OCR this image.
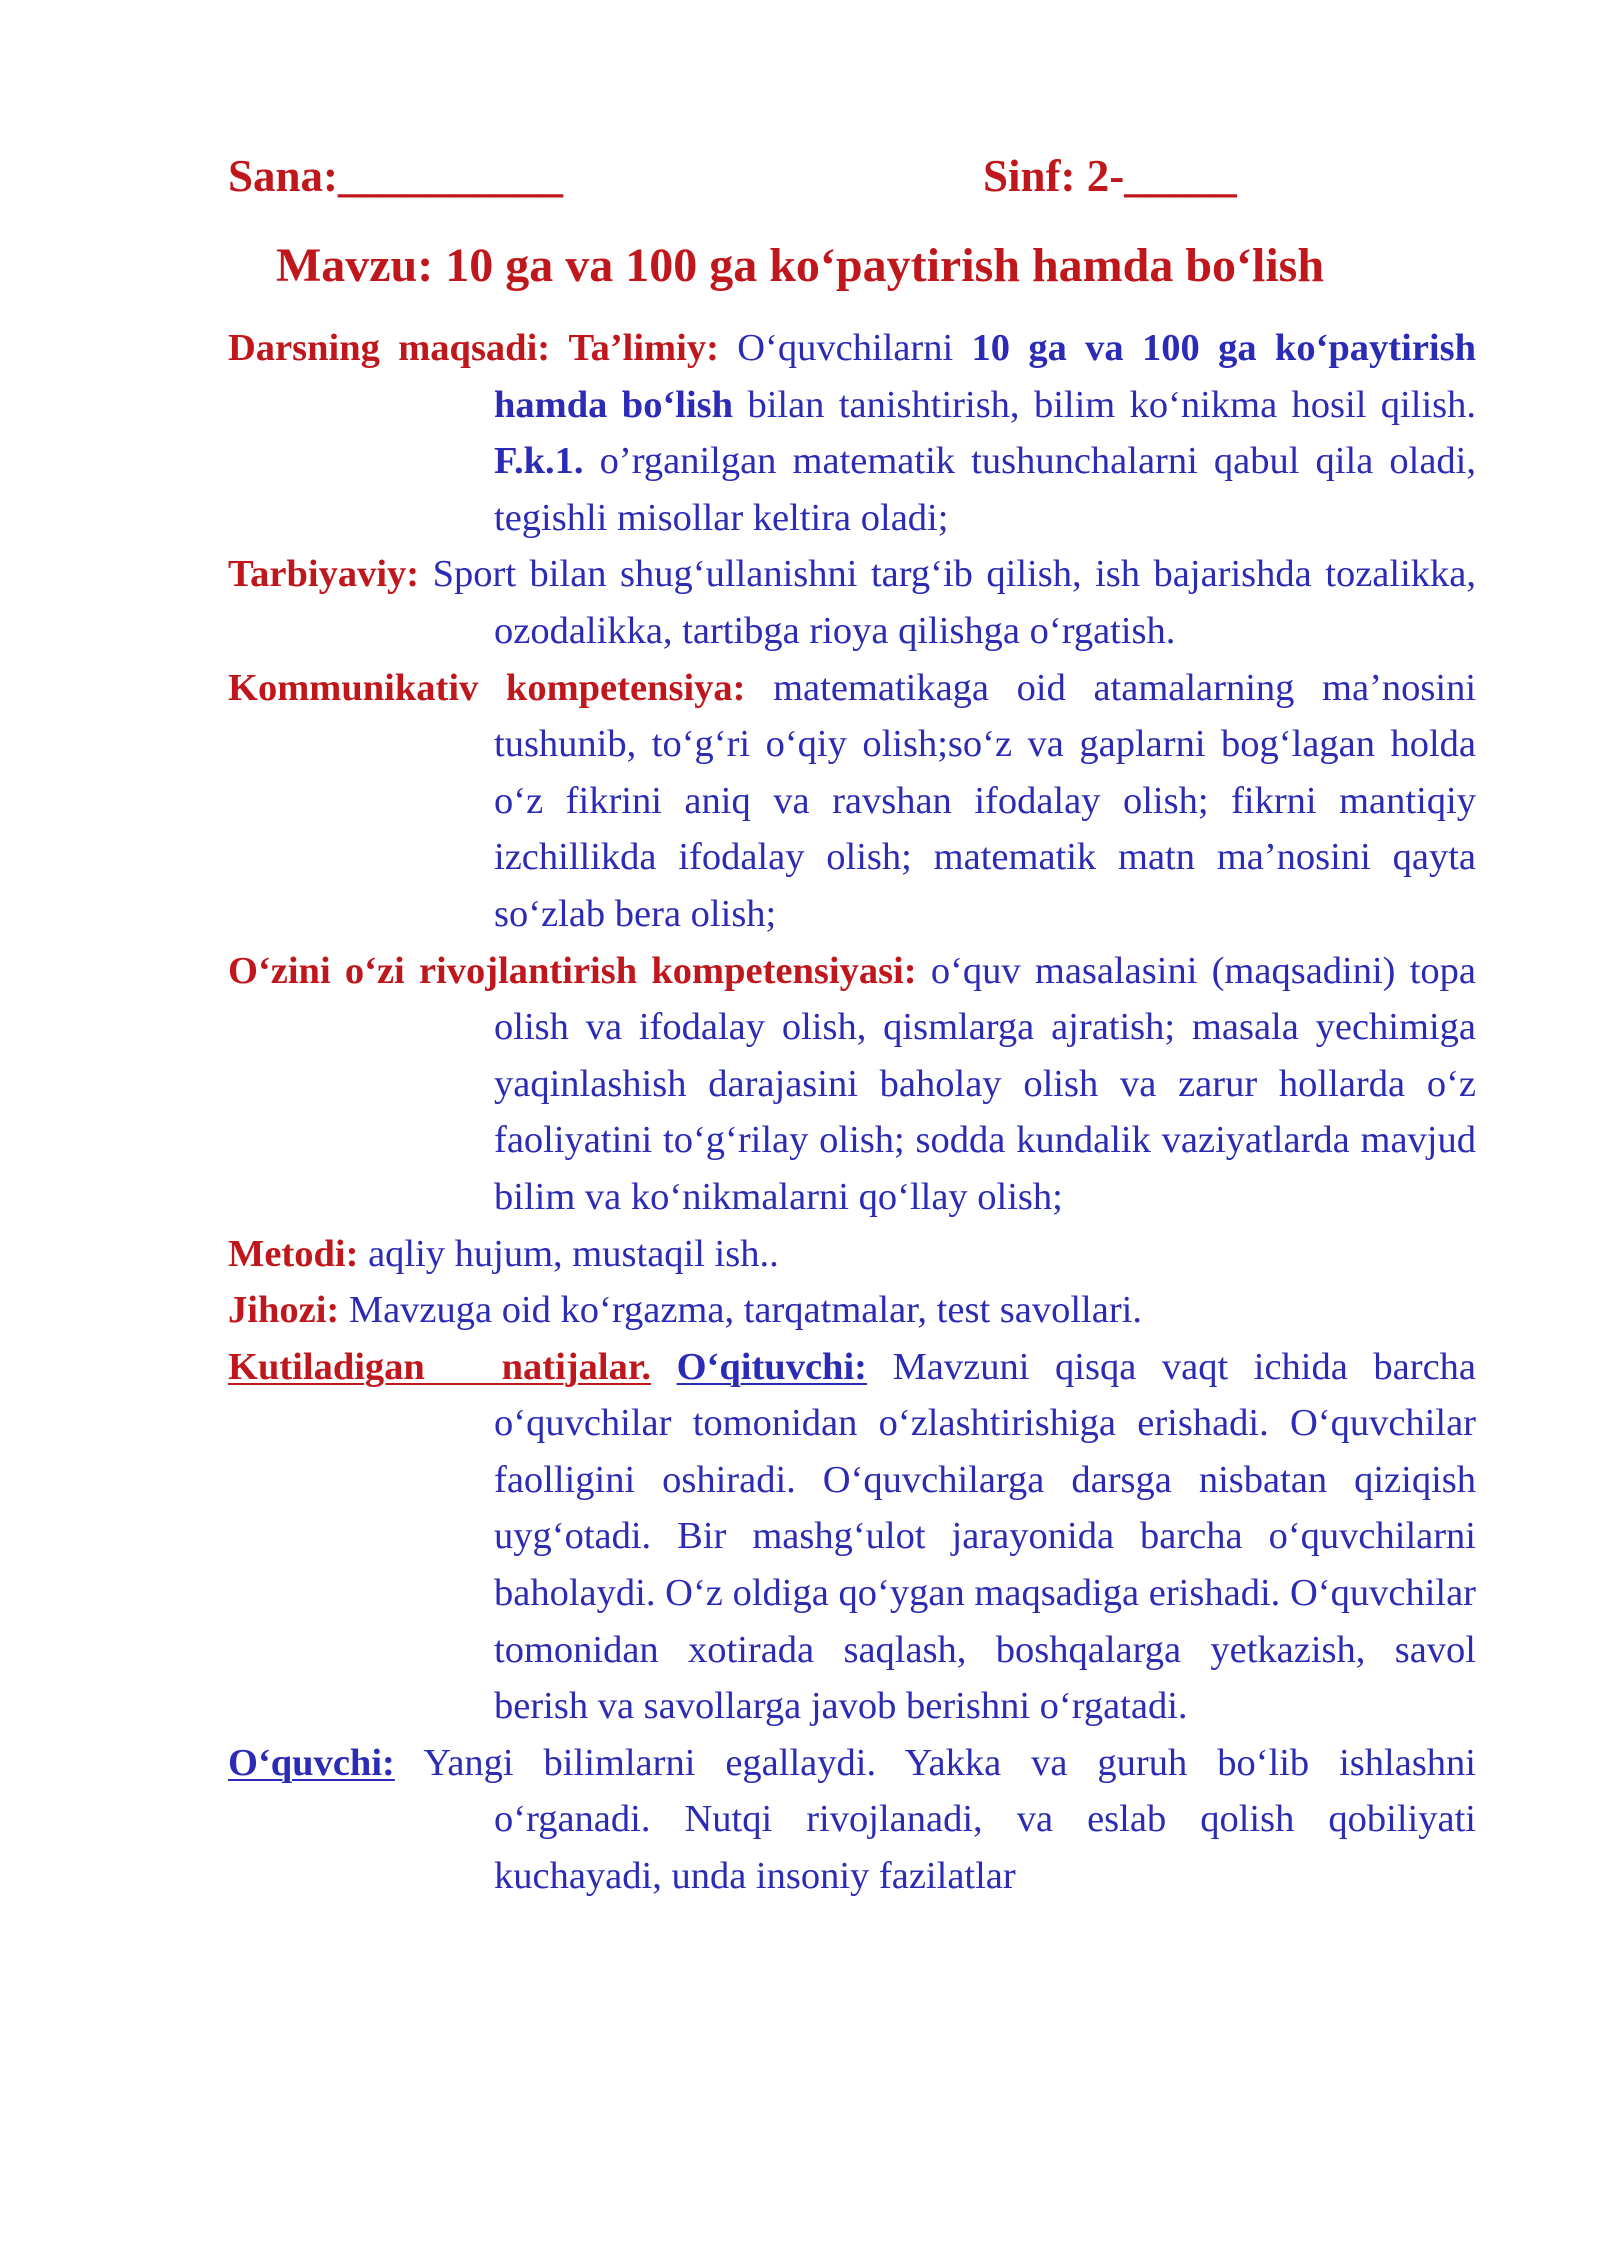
Sana:__________	Sinf: 2-_____
Mavzu: 10 ga va 100 ga koʻpaytirish hamda boʻlish

Darsning maqsadi: Ta’limiy: Oʻquvchilarni 10 ga va 100 ga koʻpaytirish hamda boʻlish bilan tanishtirish, bilim koʻnikma hosil qilish. F.k.1. o’rganilgan matematik tushunchalarni qabul qila oladi, tegishli misollar keltira oladi;

Tarbiyaviy: Sport bilan shugʻullanishni targʻib qilish, ish bajarishda tozalikka, ozodalikka, tartibga rioya qilishga oʻrgatish.

Kommunikativ kompetensiya: matematikaga oid atamalarning ma’nosini tushunib, toʻgʻri oʻqiy olish;soʻz va gaplarni bogʻlagan holda oʻz fikrini aniq va ravshan ifodalay olish; fikrni mantiqiy izchillikda ifodalay olish; matematik matn ma’nosini qayta soʻzlab bera olish;

Oʻzini oʻzi rivojlantirish kompetensiyasi: oʻquv masalasini (maqsadini) topa olish va ifodalay olish, qismlarga ajratish; masala yechimiga yaqinlashish darajasini baholay olish va zarur hollarda oʻz faoliyatini toʻgʻrilay olish; sodda kundalik vaziyatlarda mavjud bilim va koʻnikmalarni qoʻllay olish;

Metodi: aqliy hujum, mustaqil ish..

Jihozi: Mavzuga oid koʻrgazma, tarqatmalar, test savollari.

Kutiladigan   natijalar. Oʻqituvchi: Mavzuni qisqa vaqt ichida barcha oʻquvchilar tomonidan oʻzlashtirishiga erishadi. Oʻquvchilar faolligini oshiradi. Oʻquvchilarga darsga nisbatan qiziqish uygʻotadi. Bir mashgʻulot jarayonida barcha oʻquvchilarni baholaydi. Oʻz oldiga qoʻygan maqsadiga erishadi. Oʻquvchilar tomonidan xotirada saqlash, boshqalarga yetkazish, savol berish va savollarga javob berishni oʻrgatadi.

Oʻquvchi: Yangi bilimlarni egallaydi. Yakka va guruh boʻlib ishlashni oʻrganadi. Nutqi rivojlanadi, va eslab qolish qobiliyati kuchayadi, unda insoniy fazilatlar
